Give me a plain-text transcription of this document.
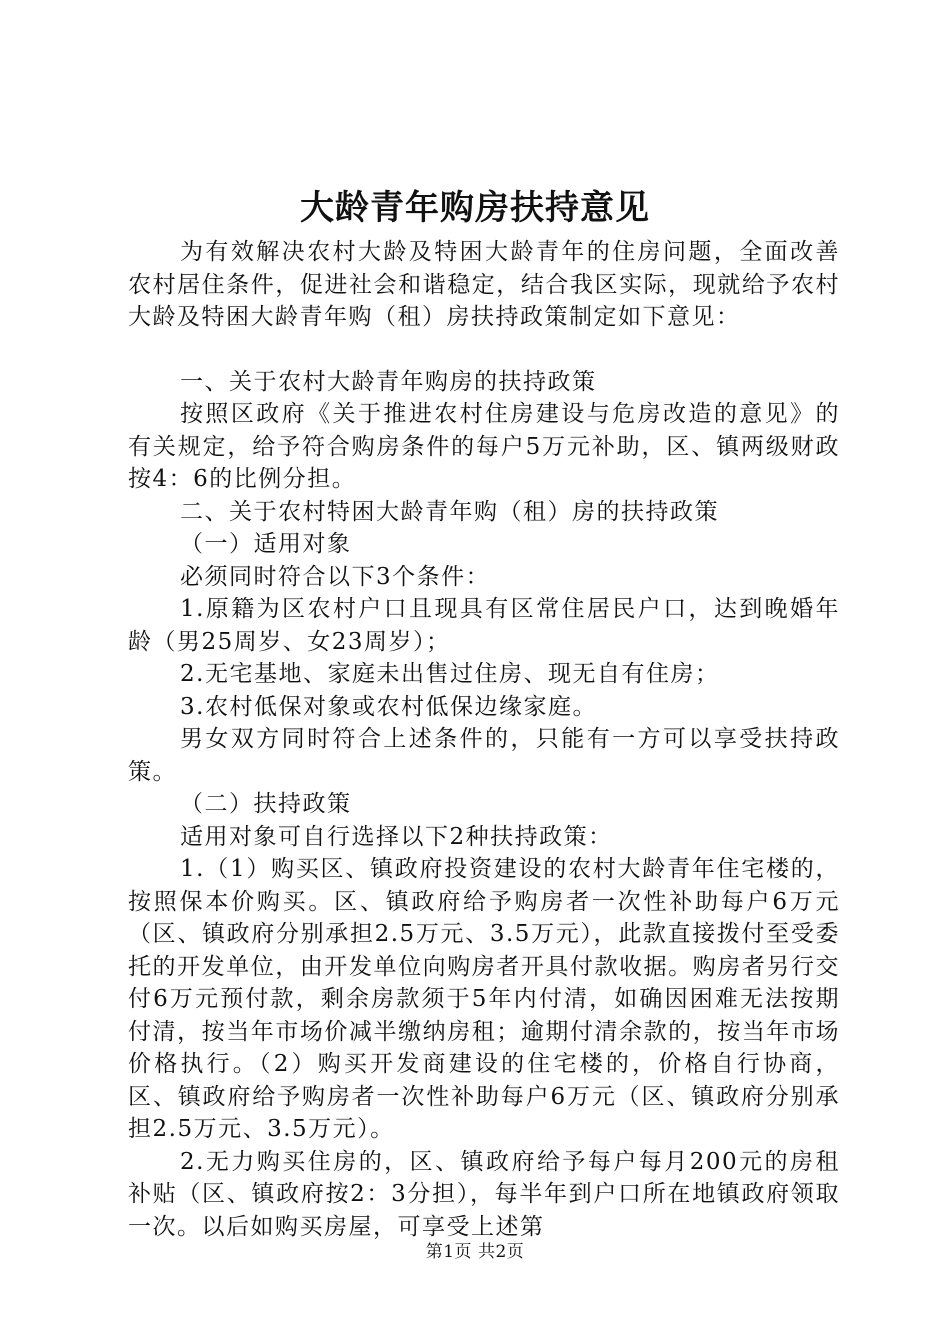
大龄青年购房扶持意见

为有效解决农村大龄及特困大龄青年的住房问题，全面改善农村居住条件，促进社会和谐稳定，结合我区实际，现就给予农村大龄及特困大龄青年购（租）房扶持政策制定如下意见：

一、关于农村大龄青年购房的扶持政策

按照区政府《关于推进农村住房建设与危房改造的意见》的有关规定，给予符合购房条件的每户5万元补助，区、镇两级财政按4：6的比例分担。

二、关于农村特困大龄青年购（租）房的扶持政策

（一）适用对象

必须同时符合以下3个条件：

1.原籍为区农村户口且现具有区常住居民户口，达到晚婚年龄（男25周岁、女23周岁）；

2.无宅基地、家庭未出售过住房、现无自有住房；

3.农村低保对象或农村低保边缘家庭。

男女双方同时符合上述条件的，只能有一方可以享受扶持政策。

（二）扶持政策

适用对象可自行选择以下2种扶持政策：

1.（1）购买区、镇政府投资建设的农村大龄青年住宅楼的，按照保本价购买。区、镇政府给予购房者一次性补助每户6万元（区、镇政府分别承担2.5万元、3.5万元），此款直接拨付至受委托的开发单位，由开发单位向购房者开具付款收据。购房者另行交付6万元预付款，剩余房款须于5年内付清，如确因困难无法按期付清，按当年市场价减半缴纳房租；逾期付清余款的，按当年市场价格执行。（2）购买开发商建设的住宅楼的，价格自行协商，区、镇政府给予购房者一次性补助每户6万元（区、镇政府分别承担2.5万元、3.5万元）。

2.无力购买住房的，区、镇政府给予每户每月200元的房租补贴（区、镇政府按2：3分担），每半年到户口所在地镇政府领取一次。以后如购买房屋，可享受上述第

第1页 共2页
